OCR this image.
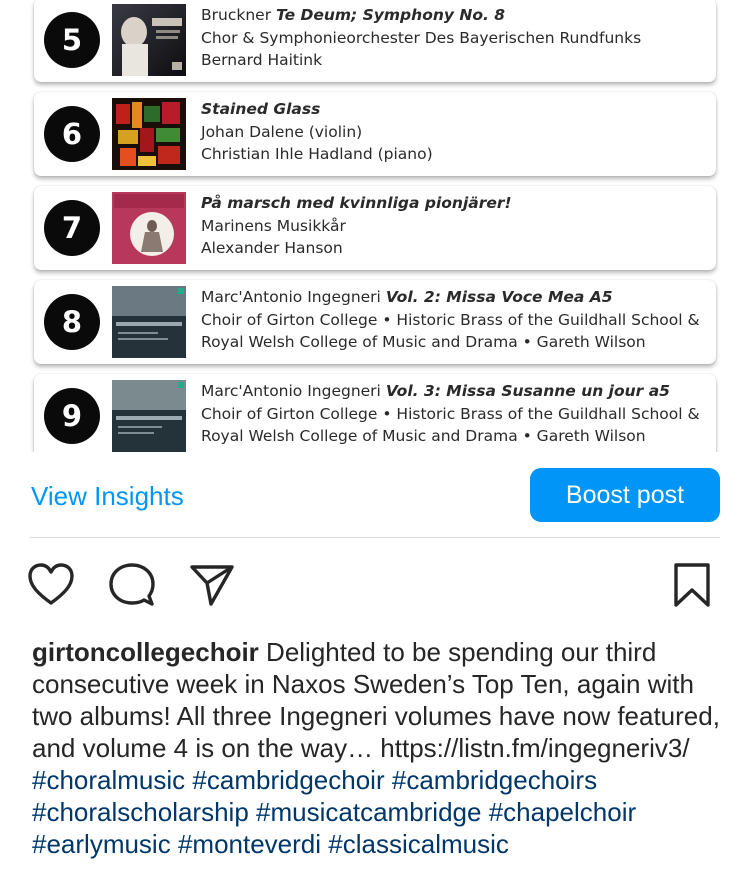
5
Bruckner Te Deum; Symphony No. 8
Chor & Symphonieorchester Des Bayerischen Rundfunks
Bernard Haitink
6
Stained Glass
Johan Dalene (violin)
Christian Ihle Hadland (piano)
7
På marsch med kvinnliga pionjärer!
Marinens Musikkår
Alexander Hanson
8
Marc'Antonio Ingegneri Vol. 2: Missa Voce Mea A5
Choir of Girton College • Historic Brass of the Guildhall School &
Royal Welsh College of Music and Drama • Gareth Wilson
9
Marc'Antonio Ingegneri Vol. 3: Missa Susanne un jour a5
Choir of Girton College • Historic Brass of the Guildhall School &
Royal Welsh College of Music and Drama • Gareth Wilson
View Insights	Boost post
girtoncollegechoir Delighted to be spending our third consecutive week in Naxos Sweden’s Top Ten, again with two albums! All three Ingegneri volumes have now featured, and volume 4 is on the way… https://listn.fm/ingegneriv3/ #choralmusic #cambridgechoir #cambridgechoirs #choralscholarship #musicatcambridge #chapelchoir #earlymusic #monteverdi #classicalmusic
